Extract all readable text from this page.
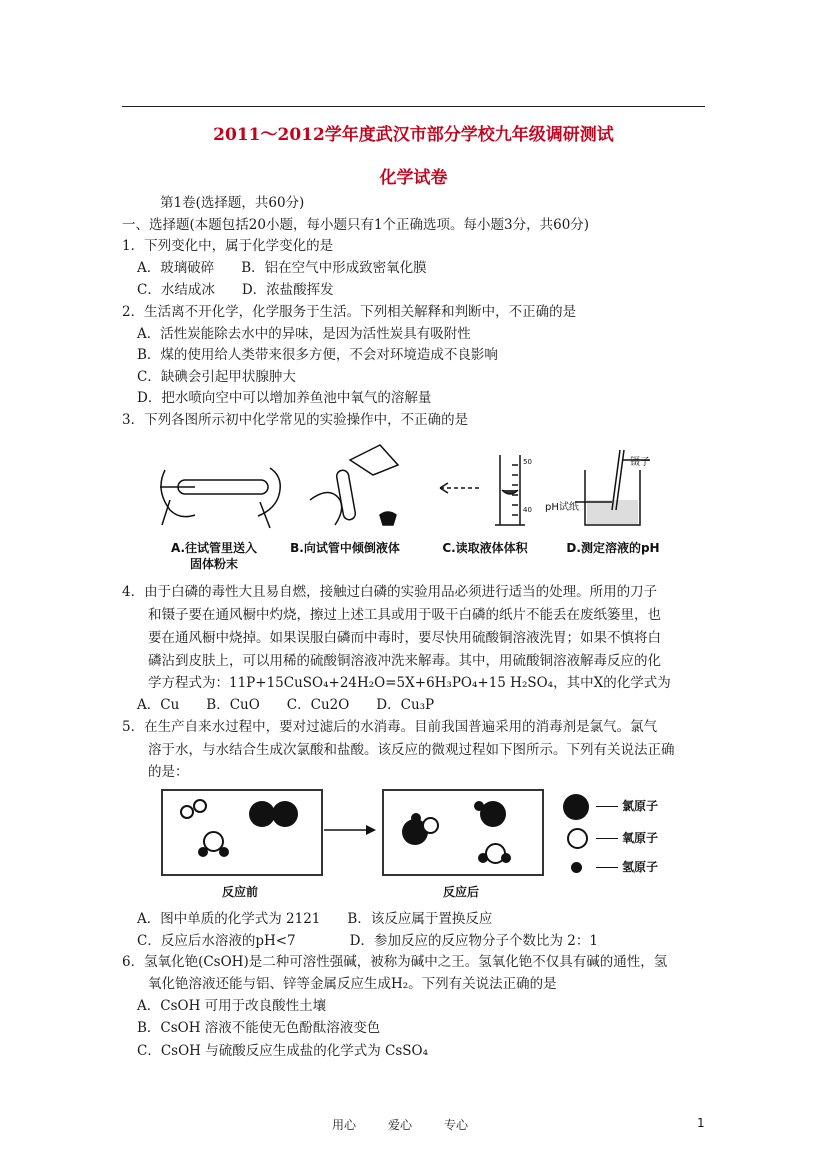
2011～2012学年度武汉市部分学校九年级调研测试
化学试卷
第1卷(选择题，共60分)
一、选择题(本题包括20小题，每小题只有1个正确选项。每小题3分，共60分)
1．下列变化中，属于化学变化的是
A．玻璃破碎　　B．铝在空气中形成致密氧化膜
C．水结成冰　　D．浓盐酸挥发
2．生活离不开化学，化学服务于生活。下列相关解释和判断中，不正确的是
A．活性炭能除去水中的异味，是因为活性炭具有吸附性
B．煤的使用给人类带来很多方便，不会对环境造成不良影响
C．缺碘会引起甲状腺肿大
D．把水喷向空中可以增加养鱼池中氧气的溶解量
3．下列各图所示初中化学常见的实验操作中，不正确的是
50
40
镊子
pH试纸
A.往试管里送入
固体粉末
B.向试管中倾倒液体	C.读取液体体积	D.测定溶液的pH
4．由于白磷的毒性大且易自燃，接触过白磷的实验用品必须进行适当的处理。所用的刀子
和镊子要在通风橱中灼烧，擦过上述工具或用于吸干白磷的纸片不能丢在废纸篓里，也
要在通风橱中烧掉。如果误服白磷而中毒时，要尽快用硫酸铜溶液洗胃；如果不慎将白
磷沾到皮肤上，可以用稀的硫酸铜溶液冲洗来解毒。其中，用硫酸铜溶液解毒反应的化
学方程式为：11P+15CuSO₄+24H₂O=5X+6H₃PO₄+15 H₂SO₄，其中X的化学式为
A．Cu　　B．CuO　　C．Cu2O　　D．Cu₃P
5．在生产自来水过程中，要对过滤后的水消毒。目前我国普遍采用的消毒剂是氯气。氯气
溶于水，与水结合生成次氯酸和盐酸。该反应的微观过程如下图所示。下列有关说法正确
的是：
反应前	反应后
氯原子
氧原子
氢原子
A．图中单质的化学式为 2121　　B．该反应属于置换反应
C．反应后水溶液的pH<7　　　　D．参加反应的反应物分子个数比为 2：1
6．氢氧化铯(CsOH)是二种可溶性强碱，被称为碱中之王。氢氧化铯不仅具有碱的通性，氢
氧化铯溶液还能与铝、锌等金属反应生成H₂。下列有关说法正确的是
A．CsOH 可用于改良酸性土壤
B．CsOH 溶液不能使无色酚酞溶液变色
C．CsOH 与硫酸反应生成盐的化学式为 CsSO₄
用心	爱心	专心	1
